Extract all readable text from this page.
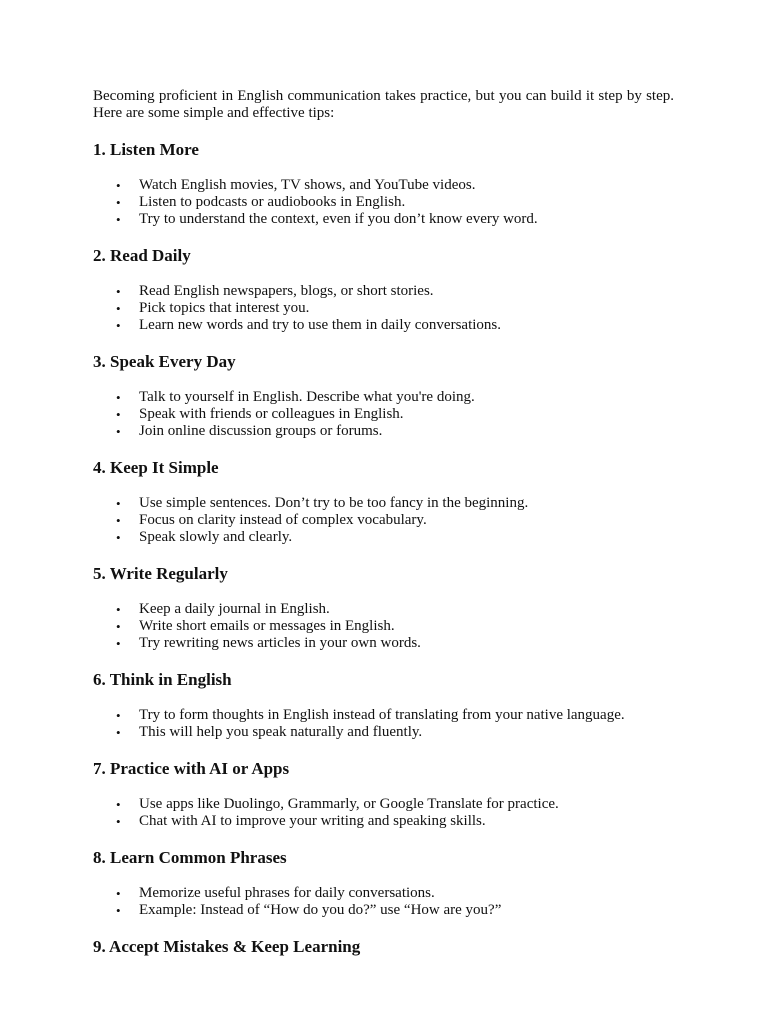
Becoming proficient in English communication takes practice, but you can build it step by step. Here are some simple and effective tips:

1. Listen More
• Watch English movies, TV shows, and YouTube videos.
• Listen to podcasts or audiobooks in English.
• Try to understand the context, even if you don’t know every word.
2. Read Daily
• Read English newspapers, blogs, or short stories.
• Pick topics that interest you.
• Learn new words and try to use them in daily conversations.
3. Speak Every Day
• Talk to yourself in English. Describe what you're doing.
• Speak with friends or colleagues in English.
• Join online discussion groups or forums.
4. Keep It Simple
• Use simple sentences. Don’t try to be too fancy in the beginning.
• Focus on clarity instead of complex vocabulary.
• Speak slowly and clearly.
5. Write Regularly
• Keep a daily journal in English.
• Write short emails or messages in English.
• Try rewriting news articles in your own words.
6. Think in English
• Try to form thoughts in English instead of translating from your native language.
• This will help you speak naturally and fluently.
7. Practice with AI or Apps
• Use apps like Duolingo, Grammarly, or Google Translate for practice.
• Chat with AI to improve your writing and speaking skills.
8. Learn Common Phrases
• Memorize useful phrases for daily conversations.
• Example: Instead of “How do you do?” use “How are you?”
9. Accept Mistakes & Keep Learning
